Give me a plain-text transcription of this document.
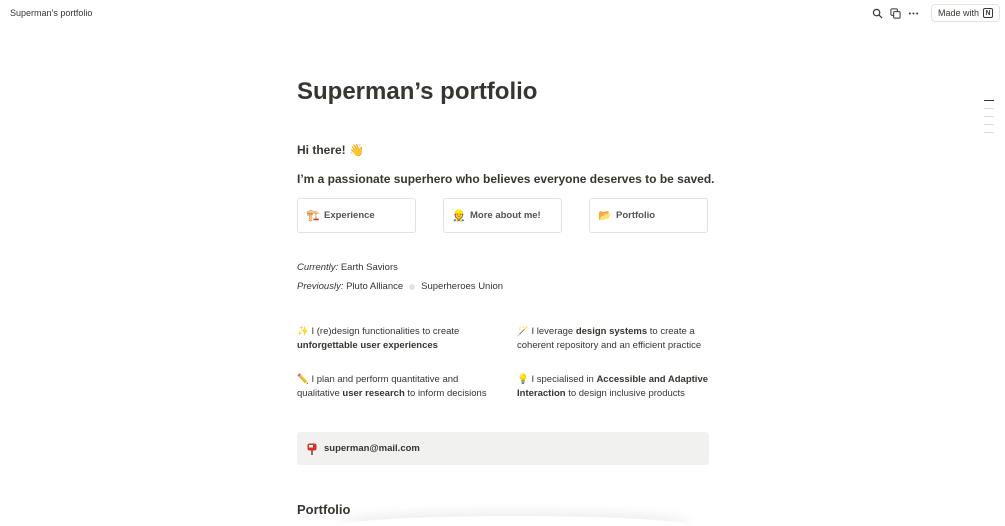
Superman’s portfolio	Made with N
Superman’s portfolio
Hi there! 👋
I’m a passionate superhero who believes everyone deserves to be saved.
🏗️ Experience	👷 More about me!	📂 Portfolio
Currently: Earth Saviors
Previously:
Pluto Alliance Superheroes Union
✨ I (re)design functionalities to create unforgettable user experiences
🪄 I leverage design systems to create a coherent repository and an efficient practice
✏️ I plan and perform quantitative and qualitative user research to inform decisions
💡 I specialised in Accessible and Adaptive Interaction to design inclusive products
superman@mail.com
Portfolio
